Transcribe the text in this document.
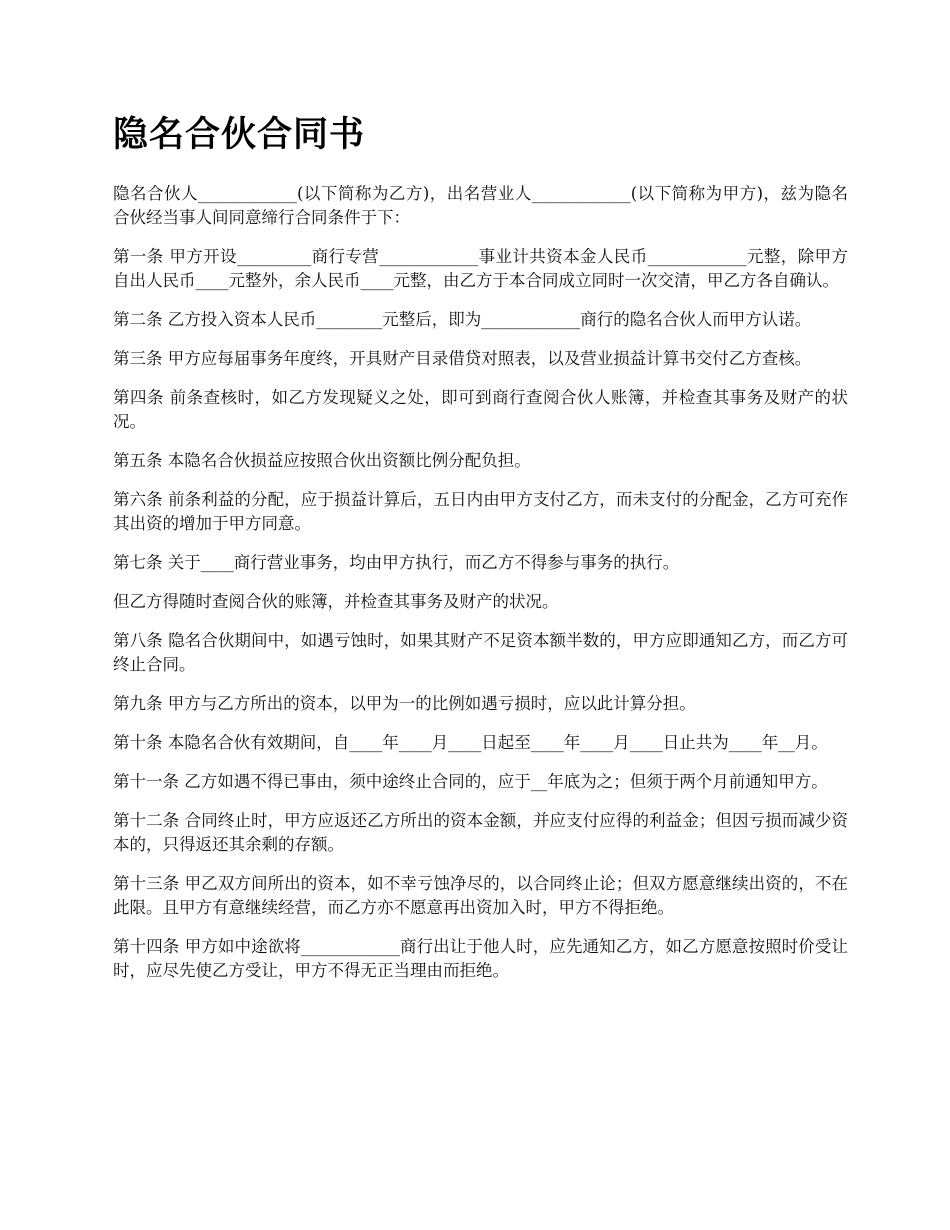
隐名合伙合同书

隐名合伙人____________(以下简称为乙方)，出名营业人____________(以下简称为甲方)，兹为隐名合伙经当事人间同意缔行合同条件于下：

第一条 甲方开设_________商行专营____________事业计共资本金人民币____________元整，除甲方自出人民币____元整外，余人民币____元整，由乙方于本合同成立同时一次交清，甲乙方各自确认。

第二条 乙方投入资本人民币________元整后，即为____________商行的隐名合伙人而甲方认诺。

第三条 甲方应每届事务年度终，开具财产目录借贷对照表，以及营业损益计算书交付乙方查核。

第四条 前条查核时，如乙方发现疑义之处，即可到商行查阅合伙人账簿，并检查其事务及财产的状况。

第五条 本隐名合伙损益应按照合伙出资额比例分配负担。

第六条 前条利益的分配，应于损益计算后，五日内由甲方支付乙方，而未支付的分配金，乙方可充作其出资的增加于甲方同意。

第七条 关于____商行营业事务，均由甲方执行，而乙方不得参与事务的执行。

但乙方得随时查阅合伙的账簿，并检查其事务及财产的状况。

第八条 隐名合伙期间中，如遇亏蚀时，如果其财产不足资本额半数的，甲方应即通知乙方，而乙方可终止合同。

第九条 甲方与乙方所出的资本，以甲为一的比例如遇亏损时，应以此计算分担。

第十条 本隐名合伙有效期间，自____年____月____日起至____年____月____日止共为____年__月。

第十一条 乙方如遇不得已事由，须中途终止合同的，应于__年底为之；但须于两个月前通知甲方。

第十二条 合同终止时，甲方应返还乙方所出的资本金额，并应支付应得的利益金；但因亏损而减少资本的，只得返还其余剩的存额。

第十三条 甲乙双方间所出的资本，如不幸亏蚀净尽的，以合同终止论；但双方愿意继续出资的，不在此限。且甲方有意继续经营，而乙方亦不愿意再出资加入时，甲方不得拒绝。

第十四条 甲方如中途欲将____________商行出让于他人时，应先通知乙方，如乙方愿意按照时价受让时，应尽先使乙方受让，甲方不得无正当理由而拒绝。
